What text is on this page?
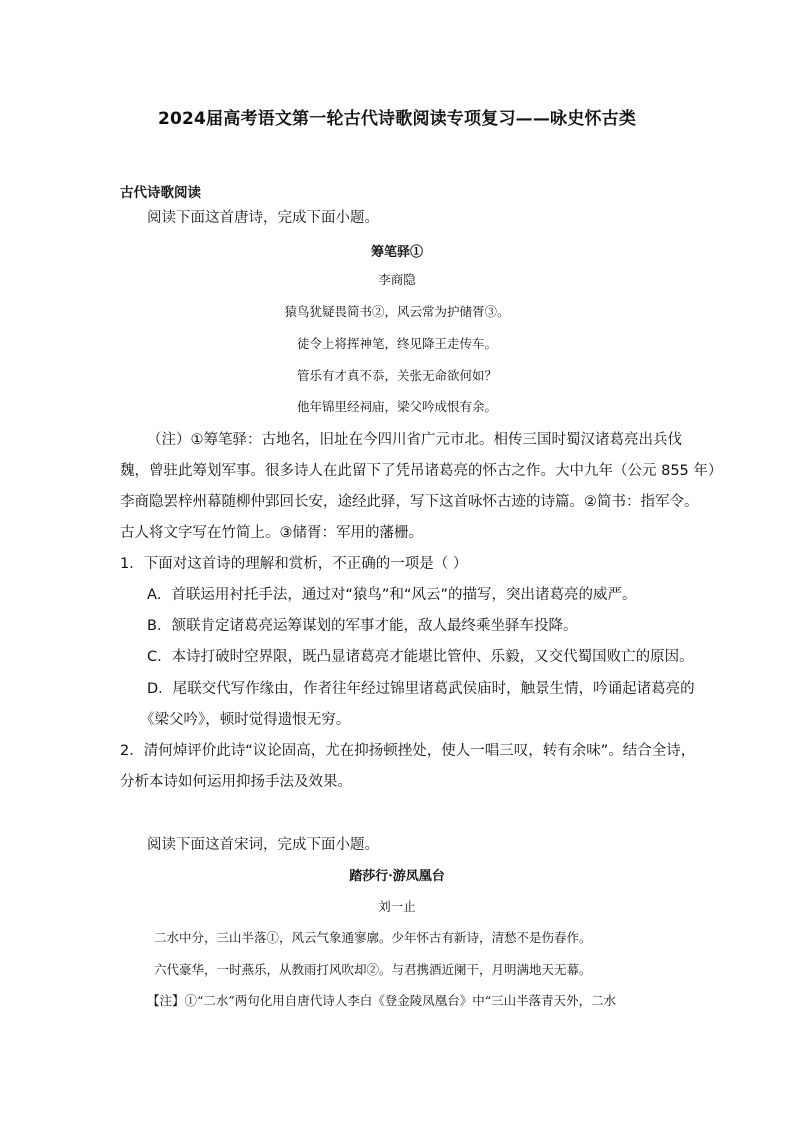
2024届高考语文第一轮古代诗歌阅读专项复习——咏史怀古类
古代诗歌阅读
阅读下面这首唐诗，完成下面小题。
筹笔驿①
李商隐
猿鸟犹疑畏简书②，风云常为护储胥③。
徒令上将挥神笔，终见降王走传车。
管乐有才真不忝，关张无命欲何如？
他年锦里经祠庙，梁父吟成恨有余。
（注）①筹笔驿：古地名，旧址在今四川省广元市北。相传三国时蜀汉诸葛亮出兵伐
魏，曾驻此筹划军事。很多诗人在此留下了凭吊诸葛亮的怀古之作。大中九年（公元 855 年）
李商隐罢梓州幕随柳仲郢回长安，途经此驿，写下这首咏怀古迹的诗篇。②简书：指军令。
古人将文字写在竹简上。③储胥：军用的藩栅。
1．下面对这首诗的理解和赏析，不正确的一项是（ ）
A．首联运用衬托手法，通过对“猿鸟”和“风云”的描写，突出诸葛亮的威严。
B．颔联肯定诸葛亮运筹谋划的军事才能，敌人最终乘坐驿车投降。
C．本诗打破时空界限，既凸显诸葛亮才能堪比管仲、乐毅，又交代蜀国败亡的原因。
D．尾联交代写作缘由，作者往年经过锦里诸葛武侯庙时，触景生情，吟诵起诸葛亮的
《梁父吟》，顿时觉得遗恨无穷。
2．清何焯评价此诗“议论固高，尤在抑扬顿挫处，使人一唱三叹，转有余味”。结合全诗，
分析本诗如何运用抑扬手法及效果。
阅读下面这首宋词，完成下面小题。
踏莎行·游凤凰台
刘一止
二水中分，三山半落①，风云气象通寥廓。少年怀古有新诗，清愁不是伤春作。
六代豪华，一时燕乐，从教雨打风吹却②。与君携酒近阑干，月明满地天无幕。
【注】①“二水”两句化用自唐代诗人李白《登金陵凤凰台》中“三山半落青天外，二水
